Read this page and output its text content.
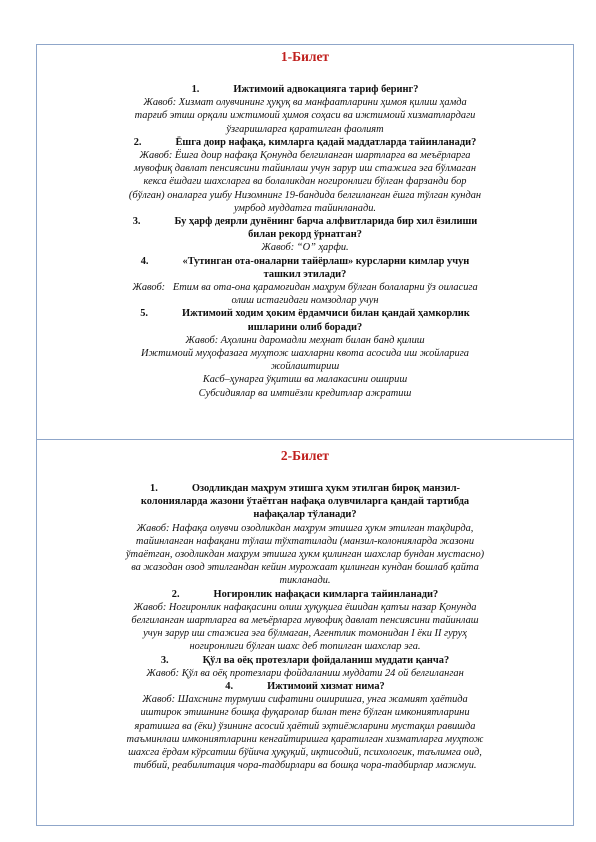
1-Билет

1.	Ижтимоий адвокацияга тариф беринг?

Жавоб: Хизмат олувчининг ҳуқуқ ва манфаатларини ҳимоя қилиш ҳамда
тарғиб этиш орқали ижтимоий ҳимоя соҳаси ва ижтимоий хизматлардаги
ўзгаришларга қаратилган фаолият

2.	Ёшга доир нафақа, кимларга қадай маддатларда тайинланади?

Жавоб: Ёшга доир нафақа Қонунда белгиланган шартларга ва меъёрларга
мувофиқ давлат пенсиясини тайинлаш учун зарур иш стажига эга бўлмаган
кекса ёшдаги шахсларга ва болаликдан ногиронлиги бўлган фарзанди бор
(бўлган) оналарга ушбу Низомнинг 19-бандида белгиланган ёшга тўлган кундан
умрбод муддатга тайинланади.

3.	Бу ҳарф деярли дунёнинг барча алфвитларида бир хил ёзилиши
билан рекорд ўрнатган?

Жавоб: “О” ҳарфи.

4.	«Тутинган ота-оналарни тайёрлаш» курсларни кимлар учун
ташкил этилади?

Жавоб:   Етим ва ота-она қарамоғидан маҳрум бўлган болаларни ўз оиласига
олиш истагидаги номзодлар учун

5.	Ижтимоий ходим ҳоким ёрдамчиси билан қандай ҳамкорлик
ишларини олиб боради?

Жавоб: Аҳолини даромадли меҳнат билан банд қилиш
Ижтимоий муҳофазага муҳтож шахларни квота асосида иш жойларига
жойлаштириш
Касб–ҳунарга ўқитиш ва малакасини ошириш
Субсидиялар ва имтиёзли кредитлар ажратиш

2-Билет

1.	Озодликдан маҳрум этишга ҳукм этилган бироқ манзил-
колонияларда жазони ўтаётган нафақа олувчиларга қандай тартибда
нафақалар тўланади?

Жавоб: Нафақа олувчи озодликдан маҳрум этишга ҳукм этилган тақдирда,
тайинланган нафақани тўлаш тўхтатилади (манзил-колонияларда жазони
ўтаётган, озодликдан маҳрум этишга ҳукм қилинган шахслар бундан мустасно)
ва жазодан озод этилгандан кейин мурожаат қилинган кундан бошлаб қайта
тикланади.

2.	Ногиронлик нафақаси кимларга тайинланади?

Жавоб: Ногиронлик нафақасини олиш ҳуқуқига ёшидан қатъи назар Қонунда
белгиланган шартларга ва меъёрларга мувофиқ давлат пенсиясини тайинлаш
учун зарур иш стажига эга бўлмаган, Агентлик томонидан I ёки II гуруҳ
ногиронлиги бўлган шахс деб топилган шахслар эга.

3.	Қўл ва оёқ протезлари фойдаланиш муддати қанча?

Жавоб: Қўл ва оёқ протезлари фойдаланиш муддати 24 ой белгиланган

4.	Ижтимоий хизмат нима?

Жавоб: Шахснинг турмуши сифатини оширишга, унга жамият ҳаётида
иштирок этишнинг бошқа фуқаролар билан тенг бўлган имкониятларини
яратишга ва (ёки) ўзининг асосий ҳаётий эҳтиёжларини мустақил равишда
таъминлаш имкониятларини кенгайтиришга қаратилган хизматларга муҳтож
шахсга ёрдам кўрсатиш бўйича ҳуқуқий, иқтисодий, психологик, таълимга оид,
тиббий, реабилитация чора-тадбирлари ва бошқа чора-тадбирлар мажмуи.
